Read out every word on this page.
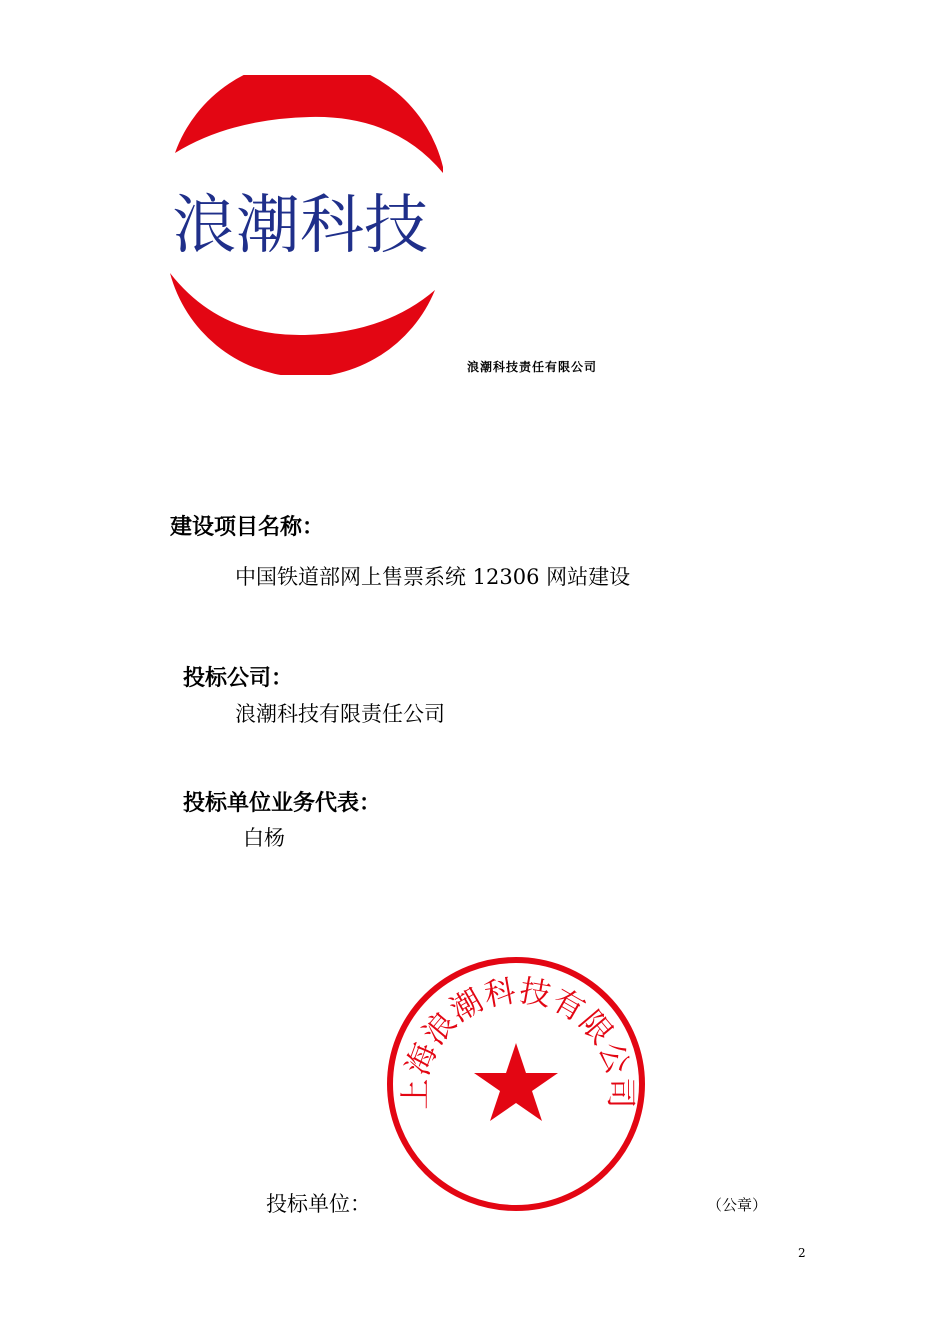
浪潮科技
浪潮科技责任有限公司
建设项目名称：
中国铁道部网上售票系统 12306 网站建设
投标公司：
浪潮科技有限责任公司
投标单位业务代表：
白杨
上海浪潮科技有限公司
投标单位：	（公章）
2
